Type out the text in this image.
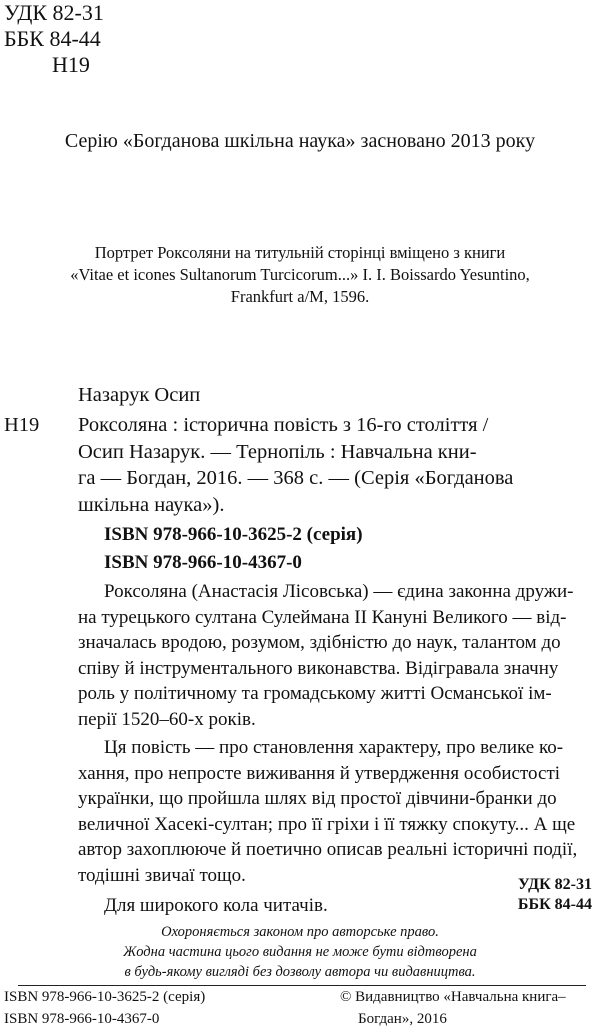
УДК 82-31
ББК 84-44
Н19
Серію «Богданова шкільна наука» засновано 2013 року
Портрет Роксоляни на титульній сторінці вміщено з книги
«Vitae et icones Sultanorum Turcicorum...» I. I. Boissardo Yesuntino,
Frankfurt a/M, 1596.
Назарук Осип
Н19 Роксоляна : історична повість з 16-го століття /
Осип Назарук. — Тернопіль : Навчальна кни-
га — Богдан, 2016. — 368 с. — (Серія «Богданова
шкільна наука»).
ISBN 978-966-10-3625-2 (серія)
ISBN 978-966-10-4367-0
Роксоляна (Анастасія Лісовська) — єдина законна дружи-
на турецького султана Сулеймана ІІ Кануні Великого — від-
значалась вродою, розумом, здібністю до наук, талантом до
співу й інструментального виконавства. Відігравала значну
роль у політичному та громадському житті Османської ім-
перії 1520–60-х років.
Ця повість — про становлення характеру, про велике ко-
хання, про непросте виживання й утвердження особистості
українки, що пройшла шлях від простої дівчини-бранки до
величної Хасекі-султан; про її гріхи і її тяжку спокуту... А ще
автор захоплююче й поетично описав реальні історичні події,
тодішні звичаї тощо.
Для широкого кола читачів.
УДК 82-31
ББК 84-44
Охороняється законом про авторське право.
Жодна частина цього видання не може бути відтворена
в будь-якому вигляді без дозволу автора чи видавництва.
ISBN 978-966-10-3625-2 (серія)
ISBN 978-966-10-4367-0
© Видавництво «Навчальна книга–
Богдан», 2016
